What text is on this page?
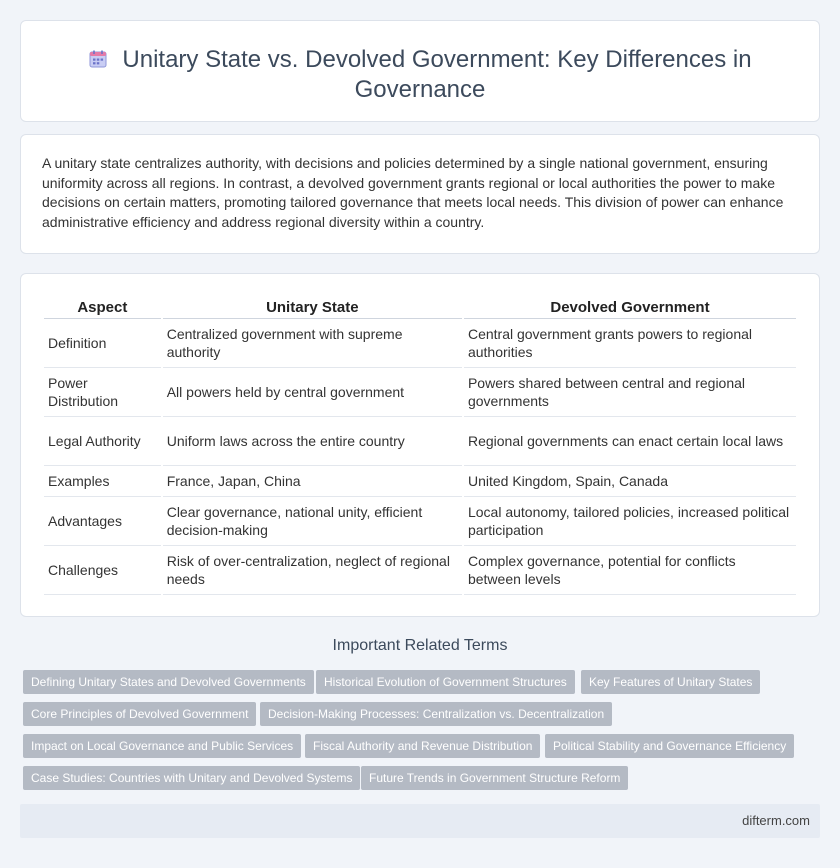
Unitary State vs. Devolved Government: Key Differences in Governance

A unitary state centralizes authority, with decisions and policies determined by a single national government, ensuring uniformity across all regions. In contrast, a devolved government grants regional or local authorities the power to make decisions on certain matters, promoting tailored governance that meets local needs. This division of power can enhance administrative efficiency and address regional diversity within a country.

Aspect	Unitary State	Devolved Government
Definition	Centralized government with supreme authority	Central government grants powers to regional authorities
Power Distribution	All powers held by central government	Powers shared between central and regional governments
Legal Authority	Uniform laws across the entire country	Regional governments can enact certain local laws
Examples	France, Japan, China	United Kingdom, Spain, Canada
Advantages	Clear governance, national unity, efficient decision-making	Local autonomy, tailored policies, increased political participation
Challenges	Risk of over-centralization, neglect of regional needs	Complex governance, potential for conflicts between levels
Important Related Terms
Defining Unitary States and Devolved Governments	Historical Evolution of Government Structures	Key Features of Unitary States
Core Principles of Devolved Government	Decision-Making Processes: Centralization vs. Decentralization
Impact on Local Governance and Public Services	Fiscal Authority and Revenue Distribution	Political Stability and Governance Efficiency
Case Studies: Countries with Unitary and Devolved Systems	Future Trends in Government Structure Reform
difterm.com
